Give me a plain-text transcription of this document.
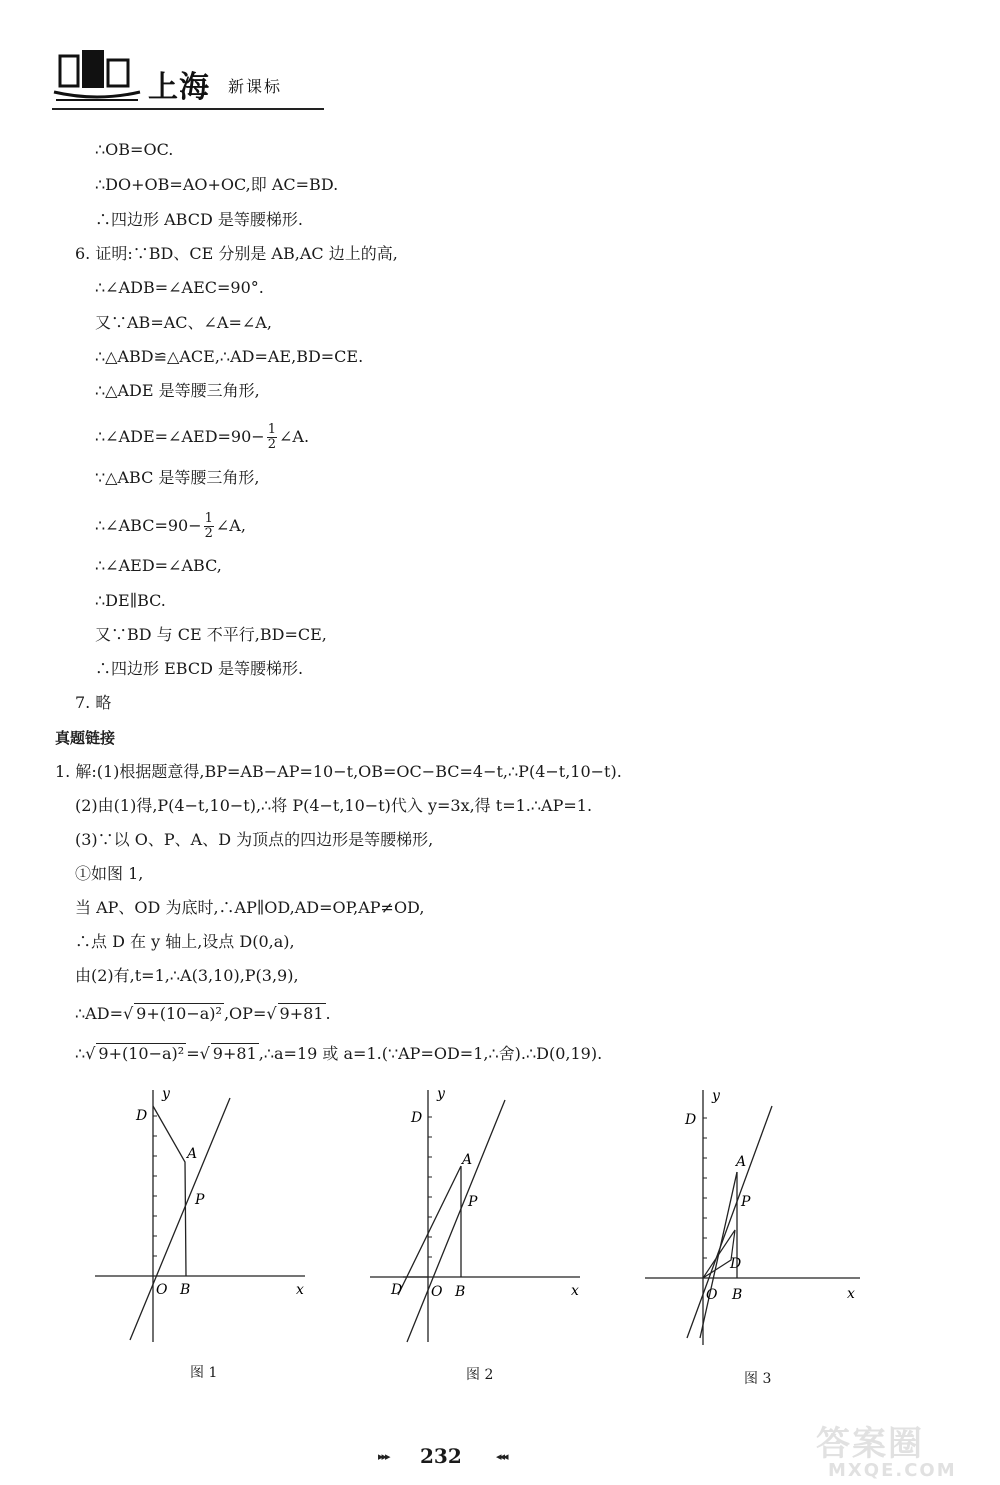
上海 新课标
∴OB=OC.
∴DO+OB=AO+OC,即 AC=BD.
∴四边形 ABCD 是等腰梯形.
6. 证明:∵BD、CE 分别是 AB,AC 边上的高,
∴∠ADB=∠AEC=90°.
又∵AB=AC、∠A=∠A,
∴△ABD≌△ACE,∴AD=AE,BD=CE.
∴△ADE 是等腰三角形,
∴∠ADE=∠AED=90− $\frac{1}{2}$ ∠A.
∵△ABC 是等腰三角形,
∴∠ABC=90− $\frac{1}{2}$ ∠A,
∴∠AED=∠ABC,
∴DE∥BC.
又∵BD 与 CE 不平行,BD=CE,
∴四边形 EBCD 是等腰梯形.
7. 略
真题链接
1. 解:(1)根据题意得,BP=AB−AP=10−t,OB=OC−BC=4−t,∴P(4−t,10−t).
(2)由(1)得,P(4−t,10−t),∴将 P(4−t,10−t)代入 y=3x,得 t=1.∴AP=1.
(3)∵以 O、P、A、D 为顶点的四边形是等腰梯形,
①如图 1,
当 AP、OD 为底时,∴AP∥OD,AD=OP,AP≠OD,
∴点 D 在 y 轴上,设点 D(0,a),
由(2)有,t=1,∴A(3,10),P(3,9),
∴AD=√ 9+(10−a)² ,OP=√ 9+81 .
∴√ 9+(10−a)² =√ 9+81 ,∴a=19 或 a=1.(∵AP=OD=1,∴舍).∴D(0,19).
y
x
O B
A
P
D
图 1
y
x
O B
A
P
D
D
图 2
y
x
O B
A
P
D
D
图 3
▸▸▸ 232	◂◂◂	答案圈
MXQE.COM
